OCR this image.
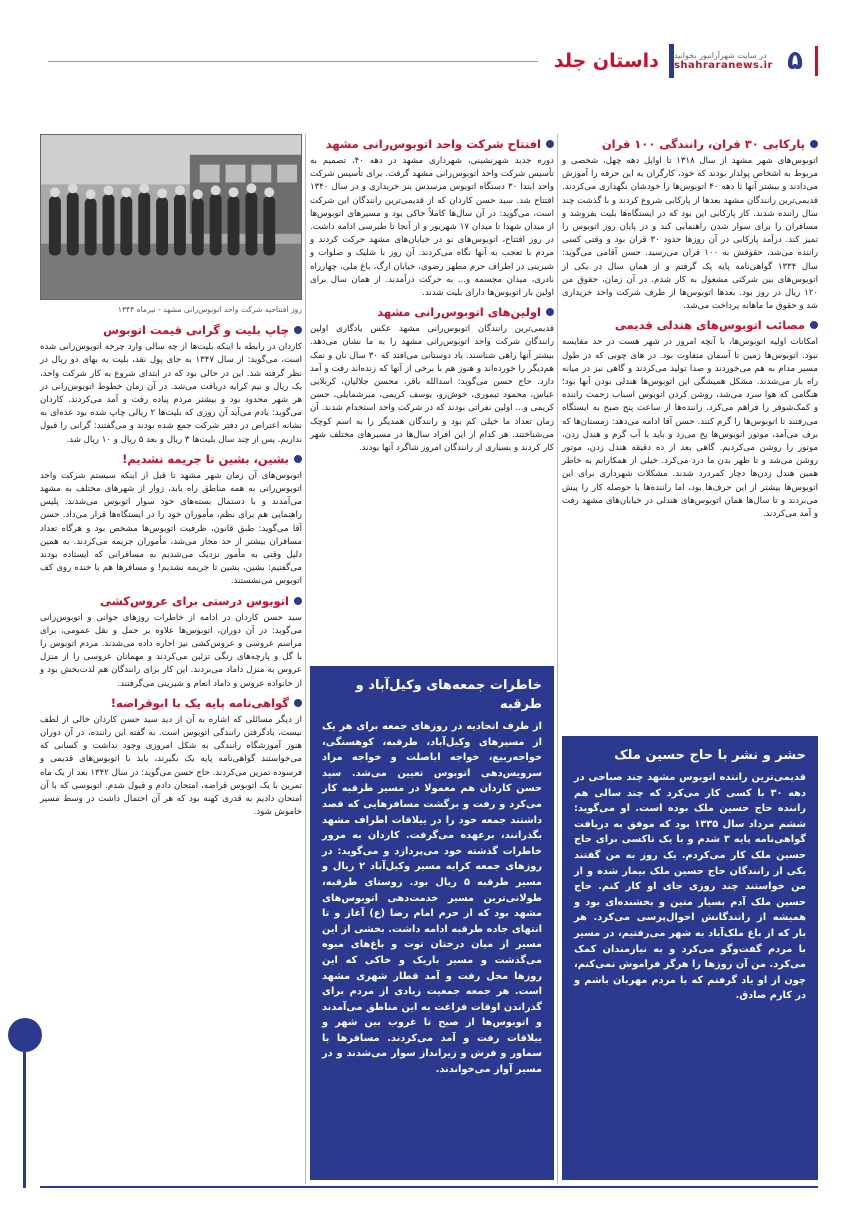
۵
در سایت شهرآرانیوز بخوانید
shahraranews.ir
داستان جلد
پارکابی ۳۰ قران، رانندگی ۱۰۰ قران

اتوبوس‌های شهر مشهد از سال ۱۳۱۸ تا اوایل دهه چهل، شخصی و مربوط به اشخاص پولدار بودند که خود، کارگران به این حرفه را آموزش می‌دادند و بیشتر آنها تا دهه ۴۰ اتوبوس‌ها را خودشان نگهداری می‌کردند. قدیمی‌ترین رانندگان مشهد بعدها از پارکابی شروع کردند و با گذشت چند سال راننده شدند. کار پارکابی این بود که در ایستگاه‌ها بلیت بفروشد و مسافران را برای سوار شدن راهنمایی کند و در پایان روز اتوبوس را تمیز کند. درآمد پارکابی در آن روزها حدود ۳۰ قران بود و وقتی کسی راننده می‌شد، حقوقش به ۱۰۰ قران می‌رسید. حسن آقامی می‌گوید: سال ۱۳۳۴ گواهی‌نامه پایه یک گرفتم و از همان سال در یکی از اتوبوس‌های بین شرکتی مشغول به کار شدم. در آن زمان، حقوق من ۱۲۰ ریال در روز بود. بعدها اتوبوس‌ها از طرف شرکت واحد خریداری شد و حقوق ما ماهانه پرداخت می‌شد.

مصائب اتوبوس‌های هندلی قدیمی

امکانات اولیه اتوبوس‌ها، با آنچه امروز در شهر هست در حد مقایسه نبود. اتوبوس‌ها زمین تا آسمان متفاوت بود. در های چوبی که در طول مسیر مدام به هم می‌خوردند و صدا تولید می‌کردند و گاهی نیز در میانه راه باز می‌شدند. مشکل همیشگی این اتوبوس‌ها هندلی بودن آنها بود؛ هنگامی که هوا سرد می‌شد، روشن کردن اتوبوس اسباب زحمت راننده و کمک‌شوفر را فراهم می‌کرد. راننده‌ها از ساعت پنج صبح به ایستگاه می‌رفتند تا اتوبوس‌ها را گرم کنند. حسن آقا ادامه می‌دهد: زمستان‌ها که برف می‌آمد، موتور اتوبوس‌ها یخ می‌زد و باید با آب گرم و هندل زدن، موتور را روشن می‌کردیم. گاهی بعد از ده دقیقه هندل زدن، موتور روشن می‌شد و تا ظهر بدن ما درد می‌کرد. خیلی از همکارانم به خاطر همین هندل زدن‌ها دچار کمردرد شدند. مشکلات شهرداری برای این اتوبوس‌ها بیشتر از این حرف‌ها بود، اما راننده‌ها با حوصله کار را پیش می‌بردند و تا سال‌ها همان اتوبوس‌های هندلی در خیابان‌های مشهد رفت و آمد می‌کردند.

افتتاح شرکت واحد اتوبوس‌رانی مشهد

دوره جدید شهرنشینی، شهرداری مشهد در دهه ۴۰، تصمیم به تأسیس شرکت واحد اتوبوس‌رانی مشهد گرفت. برای تأسیس شرکت واحد ابتدا ۳۰ دستگاه اتوبوس مرسدس بنز خریداری و در سال ۱۳۴۰ افتتاح شد. سید حسن کاردان که از قدیمی‌ترین رانندگان این شرکت است، می‌گوید: در آن سال‌ها کاملاً خاکی بود و مسیرهای اتوبوس‌ها از میدان شهدا تا میدان ۱۷ شهریور و از آنجا تا طبرسی ادامه داشت. در روز افتتاح، اتوبوس‌های نو در خیابان‌های مشهد حرکت کردند و مردم با تعجب به آنها نگاه می‌کردند. آن روز با شلیک و صلوات و شیرینی در اطراف حرم مطهر رضوی، خیابان ارگ، باغ ملی، چهارراه نادری، میدان مجسمه و... به حرکت درآمدند. از همان سال برای اولین بار اتوبوس‌ها دارای بلیت شدند.

اولین‌های اتوبوس‌رانی مشهد

قدیمی‌ترین رانندگان اتوبوس‌رانی مشهد عکس یادگاری اولین رانندگان شرکت واحد اتوبوس‌رانی مشهد را به ما نشان می‌دهد. بیشتر آنها راهی شناسند. یاد دوستانی می‌افتد که ۳۰ سال نان و نمک هم‌دیگر را خورده‌اند و هنوز هم با برخی از آنها که زنده‌اند رفت و آمد دارد. حاج حسن می‌گوید: اسدالله باقر، محسن جلالیان، کربلایی عباس، محمود تیموری، خوش‌رو، یوسف کریمی، میرشمایلی، حسن کریمی و... اولین نفراتی بودند که در شرکت واحد استخدام شدند. آن زمان تعداد ما خیلی کم بود و رانندگان همدیگر را به اسم کوچک می‌شناختند. هر کدام از این افراد سال‌ها در مسیرهای مختلف شهر کار کردند و بسیاری از رانندگان امروز شاگرد آنها بودند.

روز افتتاحیه شرکت واحد اتوبوس‌رانی مشهد - تیرماه ۱۳۴۴
چاپ بلیت و گرانی قیمت اتوبوس

کاردان در رابطه با اینکه بلیت‌ها از چه سالی وارد چرخه اتوبوس‌رانی شده است، می‌گوید: از سال ۱۳۴۷ به جای پول نقد، بلیت به بهای دو ریال در نظر گرفته شد. این در حالی بود که در ابتدای شروع به کار شرکت واحد، یک ریال و نیم کرایه دریافت می‌شد. در آن زمان خطوط اتوبوس‌رانی در هر شهر محدود بود و بیشتر مردم پیاده رفت و آمد می‌کردند. کاردان می‌گوید: یادم می‌آید آن روزی که بلیت‌ها ۲ ریالی چاپ شده بود عده‌ای به نشانه اعتراض در دفتر شرکت جمع شده بودند و می‌گفتند: گرانی را قبول نداریم. پس از چند سال بلیت‌ها ۳ ریال و بعد ۵ ریال و ۱۰ ریال شد.

بشین، بشین تا جریمه نشدیم!

اتوبوس‌های آن زمان شهر مشهد تا قبل از اینکه سیستم شرکت واحد اتوبوس‌رانی به همه مناطق راه یابد، زوار از شهرهای مختلف به مشهد می‌آمدند و با دستمال بسته‌های خود سوار اتوبوس می‌شدند. پلیس راهنمایی هم برای نظم، مأموران خود را در ایستگاه‌ها قرار می‌داد. حسن آقا می‌گوید: طبق قانون، ظرفیت اتوبوس‌ها مشخص بود و هرگاه تعداد مسافران بیشتر از حد مجاز می‌شد، مأموران جریمه می‌کردند. به همین دلیل وقتی به مأمور نزدیک می‌شدیم به مسافرانی که ایستاده بودند می‌گفتیم: بشین، بشین تا جریمه نشدیم! و مسافرها هم با خنده روی کف اتوبوس می‌نشستند.

اتوبوس درستی برای عروس‌کشی

سید حسن کاردان در ادامه از خاطرات روزهای جوانی و اتوبوس‌رانی می‌گوید: در آن دوران، اتوبوس‌ها علاوه بر حمل و نقل عمومی، برای مراسم عروسی و عروس‌کشی نیز اجاره داده می‌شدند. مردم اتوبوس را با گل و پارچه‌های رنگی تزئین می‌کردند و مهمانان عروسی را از منزل عروس به منزل داماد می‌بردند. این کار برای رانندگان هم لذت‌بخش بود و از خانواده عروس و داماد انعام و شیرینی می‌گرفتند.

گواهی‌نامه پایه یک با ابوقراضه!

از دیگر مسائلی که اشاره به آن از دید سید حسن کاردان خالی از لطف نیست، یادگرفتن رانندگی اتوبوس است. به گفته این راننده، در آن دوران هنوز آموزشگاه رانندگی به شکل امروزی وجود نداشت و کسانی که می‌خواستند گواهی‌نامه پایه یک بگیرند، باید با اتوبوس‌های قدیمی و فرسوده تمرین می‌کردند. حاج حسن می‌گوید: در سال ۱۳۴۲ بعد از یک ماه تمرین با یک اتوبوس قراضه، امتحان دادم و قبول شدم. اتوبوسی که با آن امتحان دادیم به قدری کهنه بود که هر آن احتمال داشت در وسط مسیر خاموش شود.

خاطرات جمعه‌های وکیل‌آباد و طرقبه
از طرف اتحادیه در روزهای جمعه برای هر یک از مسیرهای وکیل‌آباد، طرقبه، کوهسنگی، خواجه‌ربیع، خواجه اباصلت و خواجه مراد سرویس‌دهی اتوبوس تعیین می‌شد. سید حسن کاردان هم معمولا در مسیر طرقبه کار می‌کرد و رفت و برگشت مسافرهایی که قصد داشتند جمعه خود را در ییلاقات اطراف مشهد بگذرانند، برعهده می‌گرفت. کاردان به مرور خاطرات گذشته خود می‌پردازد و می‌گوید: در روزهای جمعه کرایه مسیر وکیل‌آباد ۲ ریال و مسیر طرقبه ۵ ریال بود. روستای طرقبه، طولانی‌ترین مسیر خدمت‌دهی اتوبوس‌های مشهد بود که از حرم امام رضا (ع) آغاز و تا انتهای جاده طرقبه ادامه داشت. بخشی از این مسیر از میان درختان توت و باغ‌های میوه می‌گذشت و مسیر باریک و خاکی که این روزها محل رفت و آمد قطار شهری مشهد است. هر جمعه جمعیت زیادی از مردم برای گذراندن اوقات فراغت به این مناطق می‌آمدند و اتوبوس‌ها از صبح تا غروب بین شهر و ییلاقات رفت و آمد می‌کردند. مسافرها با سماور و فرش و زیرانداز سوار می‌شدند و در مسیر آواز می‌خواندند.
حشر و نشر با حاج حسین ملک
قدیمی‌ترین راننده اتوبوس مشهد چند صباحی در دهه ۳۰ با کسی کار می‌کرد که چند سالی هم راننده حاج حسین ملک بوده است. او می‌گوید: ششم مرداد سال ۱۳۳۵ بود که موفق به دریافت گواهی‌نامه پایه ۳ شدم و با یک تاکسی برای حاج حسین ملک کار می‌کردم. یک روز به من گفتند یکی از رانندگان حاج حسین ملک بیمار شده و از من خواستند چند روزی جای او کار کنم. حاج حسین ملک آدم بسیار متین و بخشنده‌ای بود و همیشه از رانندگانش احوال‌پرسی می‌کرد. هر بار که از باغ ملک‌آباد به شهر می‌رفتیم، در مسیر با مردم گفت‌وگو می‌کرد و به نیازمندان کمک می‌کرد. من آن روزها را هرگز فراموش نمی‌کنم، چون از او یاد گرفتم که با مردم مهربان باشم و در کارم صادق.
